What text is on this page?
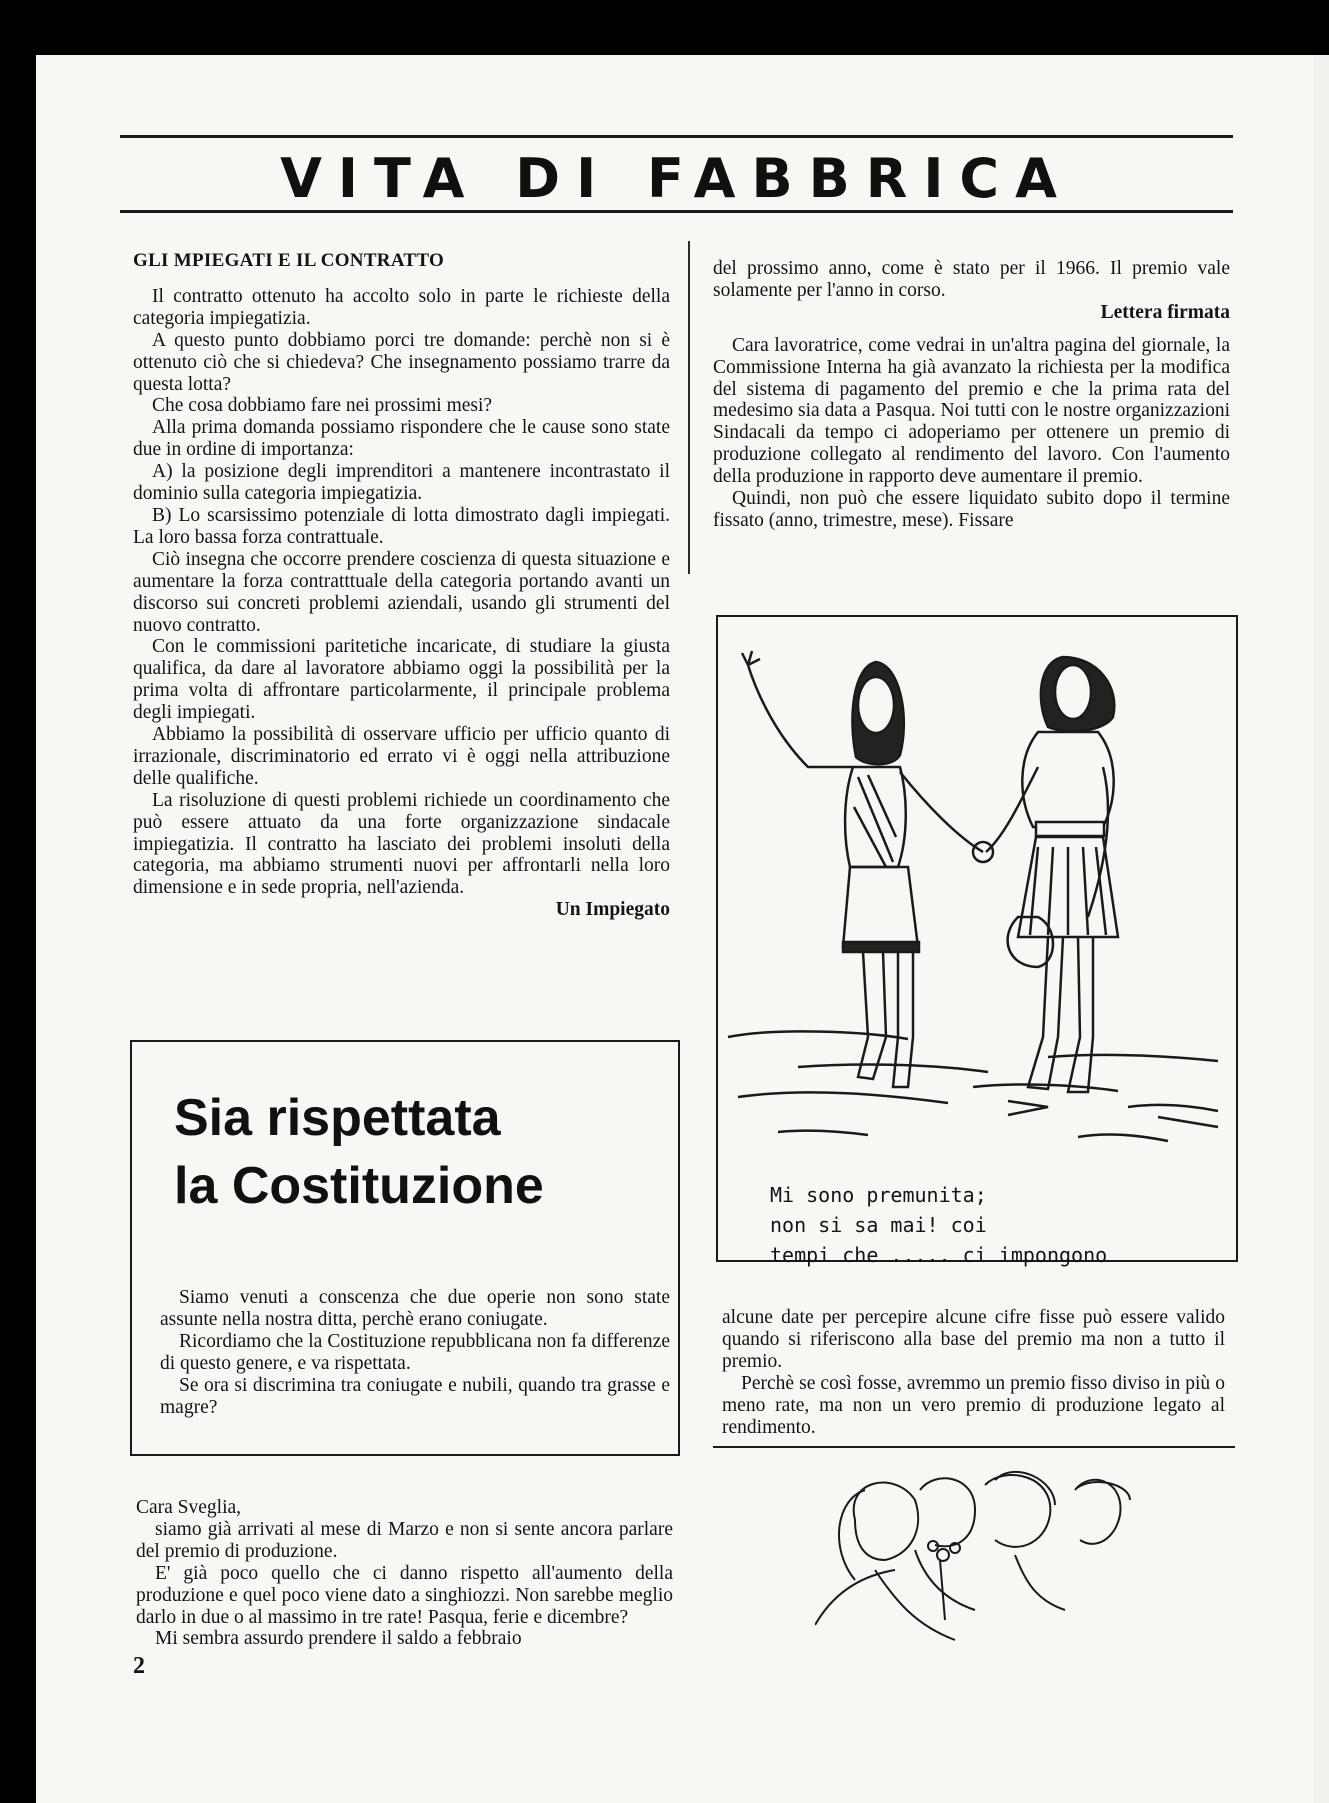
VITA DI FABBRICA
GLI MPIEGATI E IL CONTRATTO

Il contratto ottenuto ha accolto solo in parte le richieste della categoria impiegatizia.

A questo punto dobbiamo porci tre domande: perchè non si è ottenuto ciò che si chiedeva? Che insegnamento possiamo trarre da questa lotta?

Che cosa dobbiamo fare nei prossimi mesi?

Alla prima domanda possiamo rispondere che le cause sono state due in ordine di importanza:

A) la posizione degli imprenditori a mantenere incontrastato il dominio sulla categoria impiegatizia.

B) Lo scarsissimo potenziale di lotta dimostrato dagli impiegati. La loro bassa forza contrattuale.

Ciò insegna che occorre prendere coscienza di questa situazione e aumentare la forza contratttuale della categoria portando avanti un discorso sui concreti problemi aziendali, usando gli strumenti del nuovo contratto.

Con le commissioni paritetiche incaricate, di studiare la giusta qualifica, da dare al lavoratore abbiamo oggi la possibilità per la prima volta di affrontare particolarmente, il principale problema degli impiegati.

Abbiamo la possibilità di osservare ufficio per ufficio quanto di irrazionale, discriminatorio ed errato vi è oggi nella attribuzione delle qualifiche.

La risoluzione di questi problemi richiede un coordinamento che può essere attuato da una forte organizzazione sindacale impiegatizia. Il contratto ha lasciato dei problemi insoluti della categoria, ma abbiamo strumenti nuovi per affrontarli nella loro dimensione e in sede propria, nell'azienda.

Un Impiegato

del prossimo anno, come è stato per il 1966. Il premio vale solamente per l'anno in corso.

Lettera firmata

Cara lavoratrice, come vedrai in un'altra pagina del giornale, la Commissione Interna ha già avanzato la richiesta per la modifica del sistema di pagamento del premio e che la prima rata del medesimo sia data a Pasqua. Noi tutti con le nostre organizzazioni Sindacali da tempo ci adoperiamo per ottenere un premio di produzione collegato al rendimento del lavoro. Con l'aumento della produzione in rapporto deve aumentare il premio.

Quindi, non può che essere liquidato subito dopo il termine fissato (anno, trimestre, mese). Fissare

Mi sono premunita;
non si sa mai! coi
tempi che ..... ci impongono

alcune date per percepire alcune cifre fisse può essere valido quando si riferiscono alla base del premio ma non a tutto il premio.

Perchè se così fosse, avremmo un premio fisso diviso in più o meno rate, ma non un vero premio di produzione legato al rendimento.

Sia rispettata
la Costituzione

Siamo venuti a conscenza che due operie non sono state assunte nella nostra ditta, perchè erano coniugate.

Ricordiamo che la Costituzione repubblicana non fa differenze di questo genere, e va rispettata.

Se ora si discrimina tra coniugate e nubili, quando tra grasse e magre?

Cara Sveglia,

siamo già arrivati al mese di Marzo e non si sente ancora parlare del premio di produzione.

E' già poco quello che ci danno rispetto all'aumento della produzione e quel poco viene dato a singhiozzi. Non sarebbe meglio darlo in due o al massimo in tre rate! Pasqua, ferie e dicembre?

Mi sembra assurdo prendere il saldo a febbraio

2
